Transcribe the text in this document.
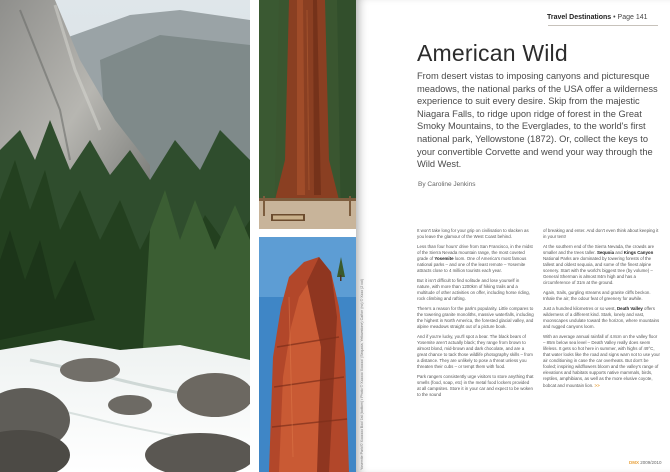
Yosemite Park/© Xxxxxxx Bxx/ 1st (bottom) • Photo © Xxxxxx Xxxxxx/ (Sequoia, Yellowstone) Cañon (no) © Xxxx (2 col)
Travel Destinations • Page 141
American Wild

From desert vistas to imposing canyons and picturesque meadows, the national parks of the USA offer a wilderness experience to suit every desire. Skip from the majestic Niagara Falls, to ridge upon ridge of forest in the Great Smoky Mountains, to the Everglades, to the world's first national park, Yellowstone (1872). Or, collect the keys to your convertible Corvette and wend your way through the Wild West.

By Caroline Jenkins

It won't take long for your grip on civilisation to slacken as you leave the glamour of the West Coast behind.

Less than four hours' drive from San Francisco, in the midst of the Sierra Nevada mountain range, the most coveted grade of Yosemite loom. One of America's most famous national parks – and one of the least remote – Yosemite attracts close to 4 million tourists each year.

But it isn't difficult to find solitude and lose yourself in nature, with more than 1200km of hiking trails and a multitude of other activities on offer, including horse riding, rock climbing and rafting.

There's a reason for the park's popularity. Little compares to the towering granite monoliths, massive waterfalls, including the highest in North America, the forested glacial valley, and alpine meadows straight out of a picture book.

And if you're lucky, you'll spot a bear. The black bears of Yosemite aren't actually black; they range from brown to almost blond, mid-brown and dark chocolate, and are a great chance to tack those wildlife photography skills – from a distance. They are unlikely to pose a threat unless you threaten their cubs – or tempt them with food.

Park rangers consistently urge visitors to store anything that smells (food, soap, etc) in the metal food lockers provided at all campsites. Store it in your car and expect to be woken to the sound

of breaking and enter. And don't even think about keeping it in your tent!

At the southern end of the Sierra Nevada, the crowds are smaller and the trees taller. Sequoia and Kings Canyon National Parks are dominated by towering forests of the tallest and oldest sequoia, and some of the finest alpine scenery. Start with the world's biggest tree (by volume) – General Sherman is almost 84m high and has a circumference of 31m at the ground.

Again, trails, gurgling streams and granite cliffs beckon. Inhale the air; the odour feat of greenery for awhile.

Just a hundred kilometres or so west, Death Valley offers wilderness of a different kind. Stark, lonely and vast, moonscapes undulate toward the horizon, where mountains and rugged canyons loom.

With an average annual rainfall of 4.8cm on the valley floor – 85m below sea level – Death Valley really does seem lifeless. It gets so hot here in summer, with highs of 49°C, that water looks like the road and signs warn not to use your air conditioning in case the car overheats. But don't be fooled; inspiring wildflowers bloom and the valley's range of elevations and habitats supports native mammals, birds, reptiles, amphibians, as well as the more elusive coyote, bobcat and mountain lion. >>

DMX 2009/2010
